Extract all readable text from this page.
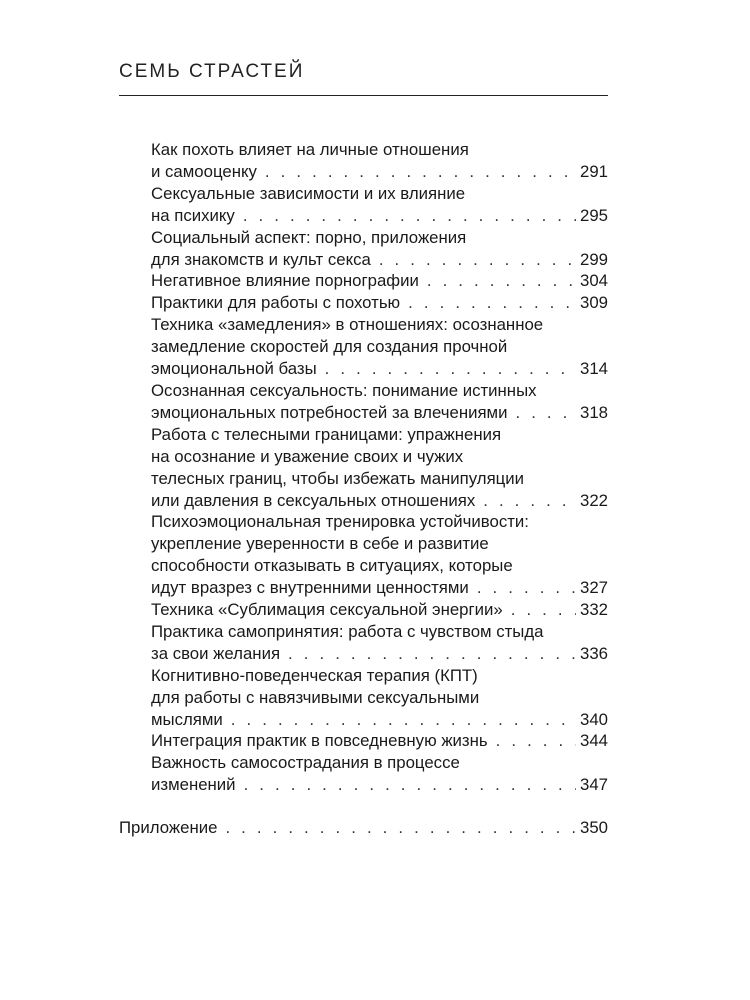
СЕМЬ СТРАСТЕЙ
Как похоть влияет на личные отношения
и самооценку . . .	291
Сексуальные зависимости и их влияние
на психику . . .	295
Социальный аспект: порно, приложения
для знакомств и культ секса . . .	299
Негативное влияние порнографии . . .	304
Практики для работы с похотью . . .	309
Техника «замедления» в отношениях: осознанное
замедление скоростей для создания прочной
эмоциональной базы . . .	314
Осознанная сексуальность: понимание истинных
эмоциональных потребностей за влечениями . . .	318
Работа с телесными границами: упражнения
на осознание и уважение своих и чужих
телесных границ, чтобы избежать манипуляции
или давления в сексуальных отношениях . . .	322
Психоэмоциональная тренировка устойчивости:
укрепление уверенности в себе и развитие
способности отказывать в ситуациях, которые
идут вразрез с внутренними ценностями . . .	327
Техника «Сублимация сексуальной энергии» . . .	332
Практика самопринятия: работа с чувством стыда
за свои желания . . .	336
Когнитивно-поведенческая терапия (КПТ)
для работы с навязчивыми сексуальными
мыслями . . .	340
Интеграция практик в повседневную жизнь . . .	344
Важность самосострадания в процессе
изменений . . .	347
Приложение . . .	350
